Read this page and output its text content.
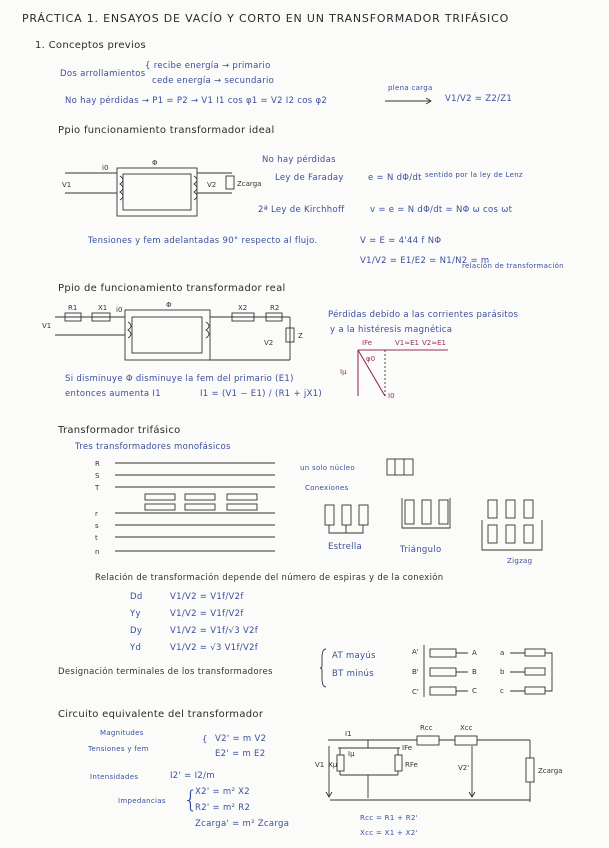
PRÁCTICA 1. ENSAYOS DE VACÍO Y CORTO EN UN TRANSFORMADOR TRIFÁSICO
1. Conceptos previos
Dos arrollamientos
{ recibe energía → primario
cede energía → secundario
No hay pérdidas → P1 = P2 → V1 I1 cos φ1 = V2 I2 cos φ2
plena carga
V1/V2 = Z2/Z1
Ppio funcionamiento transformador ideal
i0
Φ
V1	V2	Zcarga
No hay pérdidas
Ley de Faraday	e = N dΦ/dt sentido por la ley de Lenz
2ª Ley de Kirchhoff	v = e = N dΦ/dt = NΦ ω cos ωt
Tensiones y fem adelantadas 90° respecto al flujo.	V = E = 4'44 f NΦ
V1/V2 = E1/E2 = N1/N2 = m
relación de transformación
Ppio de funcionamiento transformador real
R1	X1 i0
Φ	X2	R2
V1
V2
Z
Pérdidas debido a las corrientes parásitos
y a la histéresis magnética
IFe	V1≈E1 V2≈E1
φ0
Iμ
I0
Si disminuye Φ disminuye la fem del primario (E1)
entonces aumenta I1	I1 = (V1 − E1) / (R1 + jX1)
Transformador trifásico
Tres transformadores monofásicos
R
S
T
r
s
t
n
un solo núcleo
Conexiones
Estrella	Triángulo
Zigzag
Relación de transformación depende del número de espiras y de la conexión
Dd	V1/V2 = V1f/V2f
Yy	V1/V2 = V1f/V2f
Dy	V1/V2 = V1f/√3 V2f
Yd	V1/V2 = √3 V1f/V2f
Designación terminales de los transformadores
AT mayús
BT minús
A'
B'
C'
A
B
C
a
b
c
Circuito equivalente del transformador
Magnitudes
Tensiones y fem
{ V2' = m V2
E2' = m E2
Intensidades	I2' = I2/m
Impedancias {
X2' = m² X2
R2' = m² R2
Zcarga' = m² Zcarga
I1
Rcc	Xcc
Iμ
IFe
Xμ	RFe
V1	V2'	Zcarga
Rcc = R1 + R2'
Xcc = X1 + X2'
